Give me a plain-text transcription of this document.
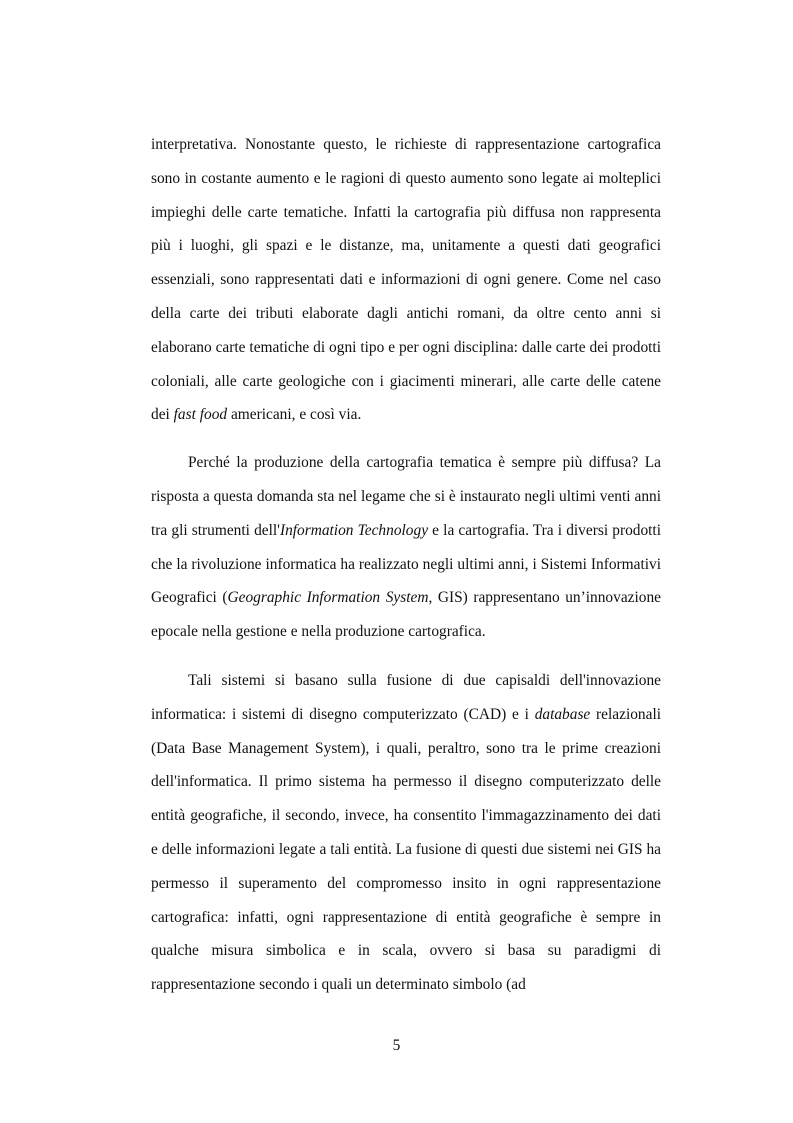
interpretativa. Nonostante questo, le richieste di rappresentazione cartografica sono in costante aumento e le ragioni di questo aumento sono legate ai molteplici impieghi delle carte tematiche. Infatti la cartografia più diffusa non rappresenta più i luoghi, gli spazi e le distanze, ma, unitamente a questi dati geografici essenziali, sono rappresentati dati e informazioni di ogni genere. Come nel caso della carte dei tributi elaborate dagli antichi romani, da oltre cento anni si elaborano carte tematiche di ogni tipo e per ogni disciplina: dalle carte dei prodotti coloniali, alle carte geologiche con i giacimenti minerari, alle carte delle catene dei fast food americani, e così via.

Perché la produzione della cartografia tematica è sempre più diffusa? La risposta a questa domanda sta nel legame che si è instaurato negli ultimi venti anni tra gli strumenti dell'Information Technology e la cartografia. Tra i diversi prodotti che la rivoluzione informatica ha realizzato negli ultimi anni, i Sistemi Informativi Geografici (Geographic Information System, GIS) rappresentano un’innovazione epocale nella gestione e nella produzione cartografica.

Tali sistemi si basano sulla fusione di due capisaldi dell'innovazione informatica: i sistemi di disegno computerizzato (CAD) e i database relazionali (Data Base Management System), i quali, peraltro, sono tra le prime creazioni dell'informatica. Il primo sistema ha permesso il disegno computerizzato delle entità geografiche, il secondo, invece, ha consentito l'immagazzinamento dei dati e delle informazioni legate a tali entità. La fusione di questi due sistemi nei GIS ha permesso il superamento del compromesso insito in ogni rappresentazione cartografica: infatti, ogni rappresentazione di entità geografiche è sempre in qualche misura simbolica e in scala, ovvero si basa su paradigmi di rappresentazione secondo i quali un determinato simbolo (ad

5
